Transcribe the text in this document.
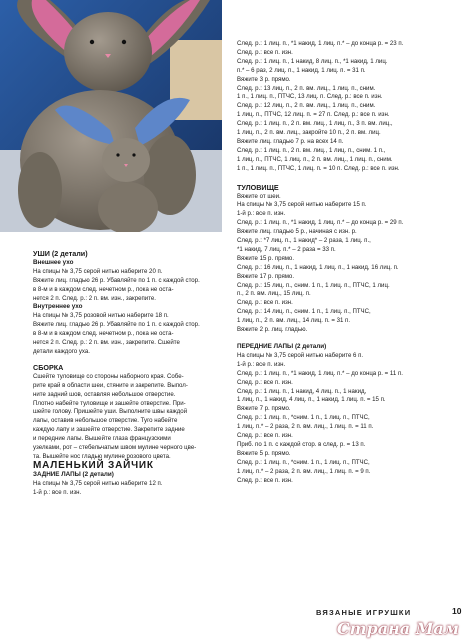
УШИ (2 детали)

Внешнее ухо

На спицы № 3,75 серой нитью наберите 20 п.

Вяжите лиц. гладью 26 р. Убавляйте по 1 п. с каждой стор.

в 8-м и в каждом след. нечетном р., пока не оста-

нется 2 п. След. р.: 2 п. вм. изн., закрепите.

Внутреннее ухо

На спицы № 3,75 розовой нитью наберите 18 п.

Вяжите лиц. гладью 26 р. Убавляйте по 1 п. с каждой стор.

в 8-м и в каждом след. нечетном р., пока не оста-

нется 2 п. След. р.: 2 п. вм. изн., закрепите. Сшейте

детали каждого уха.

СБОРКА

Сшейте туловище со стороны наборного края. Собе-

рите край в области шеи, стяните и закрепите. Выпол-

ните задний шов, оставляя небольшое отверстие.

Плотно набейте туловище и зашейте отверстие. При-

шейте голову. Пришейте уши. Выполните швы каждой

лапы, оставив небольшое отверстие. Туго набейте

каждую лапу и зашейте отверстие. Закрепите задние

и передние лапы. Вышейте глаза французскими

узелками, рот – стебельчатым швом мулине черного цве-

та. Вышейте нос гладью мулине розового цвета.

МАЛЕНЬКИЙ ЗАЙЧИК

ЗАДНИЕ ЛАПЫ (2 детали)

На спицы № 3,75 серой нитью наберите 12 п.

1-й р.: все п. изн.

След. р.: 1 лиц. п., *1 накид, 1 лиц. п.* – до конца р. = 23 п.

След. р.: все п. изн.

След. р.: 1 лиц. п., 1 накид, 8 лиц. п., *1 накид, 1 лиц.

п.* – 6 раз, 2 лиц. п., 1 накид, 1 лиц. п. = 31 п.

Вяжите 3 р. прямо.

След. р.: 13 лиц. п., 2 п. вм. лиц., 1 лиц. п., сним.

1 п., 1 лиц. п., ПТЧС, 13 лиц. п. След. р.: все п. изн.

След. р.: 12 лиц. п., 2 п. вм. лиц., 1 лиц. п., сним.

1 лиц. п., ПТЧС, 12 лиц. п. = 27 п. След. р.: все п. изн.

След. р.: 1 лиц. п., 2 п. вм. лиц., 1 лиц. п., 3 п. вм. лиц.,

1 лиц. п., 2 п. вм. лиц., закройте 10 п., 2 п. вм. лиц.

Вяжите лиц. гладью 7 р. на всех 14 п.

След. р.: 1 лиц. п., 2 п. вм. лиц., 1 лиц. п., сним. 1 п.,

1 лиц. п., ПТЧС, 1 лиц. п., 2 п. вм. лиц., 1 лиц. п., сним.

1 п., 1 лиц. п., ПТЧС, 1 лиц. п. = 10 п. След. р.: все п. изн.

ТУЛОВИЩЕ

Вяжите от шеи.

На спицы № 3,75 серой нитью наберите 15 п.

1-й р.: все п. изн.

След. р.: 1 лиц. п., *1 накид, 1 лиц. п.* – до конца р. = 29 п.

Вяжите лиц. гладью 5 р., начиная с изн. р.

След. р.: *7 лиц. п., 1 накид* – 2 раза, 1 лиц. п.,

*1 накид, 7 лиц. п.* – 2 раза = 33 п.

Вяжите 15 р. прямо.

След. р.: 16 лиц. п., 1 накид, 1 лиц. п., 1 накид, 16 лиц. п.

Вяжите 17 р. прямо.

След. р.: 15 лиц. п., сним. 1 п., 1 лиц. п., ПТЧС, 1 лиц.

п., 2 п. вм. лиц., 15 лиц. п.

След. р.: все п. изн.

След. р.: 14 лиц. п., сним. 1 п., 1 лиц. п., ПТЧС,

1 лиц. п., 2 п. вм. лиц., 14 лиц. п. = 31 п.

Вяжите 2 р. лиц. гладью.

ПЕРЕДНИЕ ЛАПЫ (2 детали)

На спицы № 3,75 серой нитью наберите 6 п.

1-й р.: все п. изн.

След. р.: 1 лиц. п., *1 накид, 1 лиц. п.* – до конца р. = 11 п.

След. р.: все п. изн.

След. р.: 1 лиц. п., 1 накид, 4 лиц. п., 1 накид,

1 лиц. п., 1 накид, 4 лиц. п., 1 накид, 1 лиц. п. = 15 п.

Вяжите 7 р. прямо.

След. р.: 1 лиц. п., *сним. 1 п., 1 лиц. п., ПТЧС,

1 лиц. п.* – 2 раза, 2 п. вм. лиц., 1 лиц. п. = 11 п.

След. р.: все п. изн.

Приб. по 1 п. с каждой стор. в след. р. = 13 п.

Вяжите 5 р. прямо.

След. р.: 1 лиц. п., *сним. 1 п., 1 лиц. п., ПТЧС,

1 лиц. п.* – 2 раза, 2 п. вм. лиц., 1 лиц. п. = 9 п.

След. р.: все п. изн.

ВЯЗАНЫЕ ИГРУШКИ	10
Страна Мам
